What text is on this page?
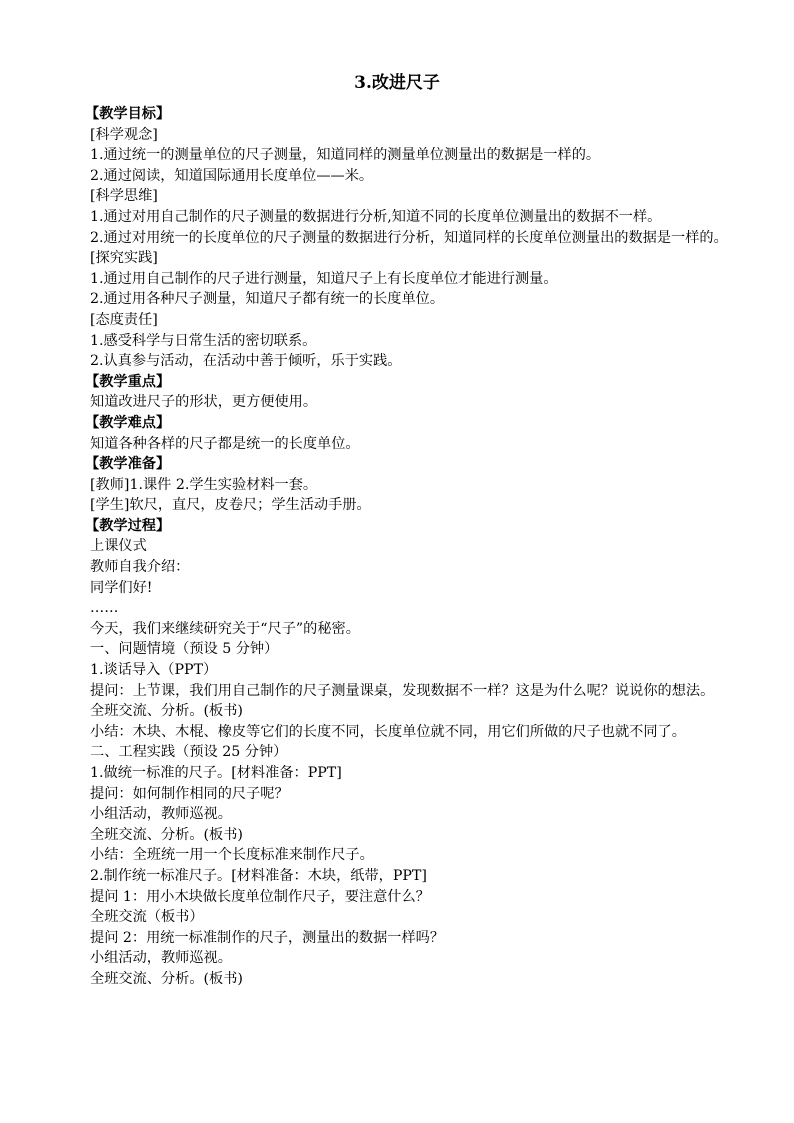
3.改进尺子

【教学目标】

[科学观念]

1.通过统一的测量单位的尺子测量，知道同样的测量单位测量出的数据是一样的。

2.通过阅读，知道国际通用长度单位——米。

[科学思维]

1.通过对用自己制作的尺子测量的数据进行分析,知道不同的长度单位测量出的数据不一样。

2.通过对用统一的长度单位的尺子测量的数据进行分析，知道同样的长度单位测量出的数据是一样的。

[探究实践]

1.通过用自己制作的尺子进行测量，知道尺子上有长度单位才能进行测量。

2.通过用各种尺子测量，知道尺子都有统一的长度单位。

[态度责任]

1.感受科学与日常生活的密切联系。

2.认真参与活动，在活动中善于倾听，乐于实践。

【教学重点】

知道改进尺子的形状，更方便使用。

【教学难点】

知道各种各样的尺子都是统一的长度单位。

【教学准备】

[教师]1.课件 2.学生实验材料一套。

[学生]软尺，直尺，皮卷尺；学生活动手册。

【教学过程】

上课仪式

教师自我介绍：

同学们好!

……

今天，我们来继续研究关于“尺子”的秘密。

一、问题情境（预设 5 分钟）

1.谈话导入（PPT）

提问：上节课，我们用自己制作的尺子测量课桌，发现数据不一样？这是为什么呢？说说你的想法。

全班交流、分析。(板书)

小结：木块、木棍、橡皮等它们的长度不同，长度单位就不同，用它们所做的尺子也就不同了。

二、工程实践（预设 25 分钟）

1.做统一标准的尺子。[材料准备：PPT]

提问：如何制作相同的尺子呢？

小组活动，教师巡视。

全班交流、分析。(板书)

小结：全班统一用一个长度标准来制作尺子。

2.制作统一标准尺子。[材料准备：木块，纸带，PPT]

提问 1：用小木块做长度单位制作尺子，要注意什么？

全班交流（板书）

提问 2：用统一标准制作的尺子，测量出的数据一样吗？

小组活动，教师巡视。

全班交流、分析。(板书)
